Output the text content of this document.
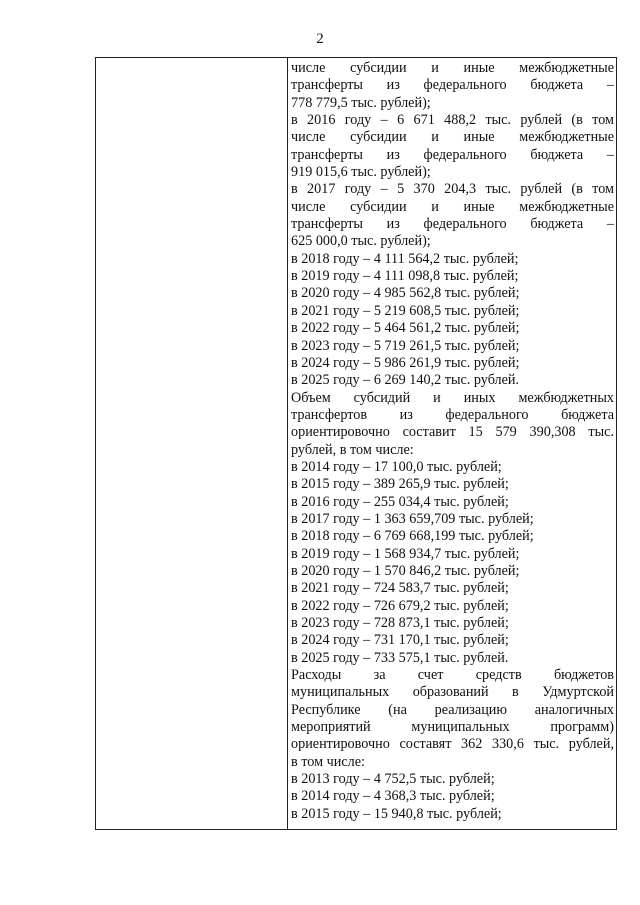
2
числе субсидии и иные межбюджетные
трансферты из федерального бюджета –
778 779,5 тыс. рублей);
в 2016 году – 6 671 488,2 тыс. рублей (в том
числе субсидии и иные межбюджетные
трансферты из федерального бюджета –
919 015,6 тыс. рублей);
в 2017 году – 5 370 204,3 тыс. рублей (в том
числе субсидии и иные межбюджетные
трансферты из федерального бюджета –
625 000,0 тыс. рублей);
в 2018 году – 4 111 564,2 тыс. рублей;
в 2019 году – 4 111 098,8 тыс. рублей;
в 2020 году – 4 985 562,8 тыс. рублей;
в 2021 году – 5 219 608,5 тыс. рублей;
в 2022 году – 5 464 561,2 тыс. рублей;
в 2023 году – 5 719 261,5 тыс. рублей;
в 2024 году – 5 986 261,9 тыс. рублей;
в 2025 году – 6 269 140,2 тыс. рублей.
Объем субсидий и иных межбюджетных
трансфертов из федерального бюджета
ориентировочно составит 15 579 390,308 тыс.
рублей, в том числе:
в 2014 году – 17 100,0 тыс. рублей;
в 2015 году – 389 265,9 тыс. рублей;
в 2016 году – 255 034,4 тыс. рублей;
в 2017 году – 1 363 659,709 тыс. рублей;
в 2018 году – 6 769 668,199 тыс. рублей;
в 2019 году – 1 568 934,7 тыс. рублей;
в 2020 году – 1 570 846,2 тыс. рублей;
в 2021 году – 724 583,7 тыс. рублей;
в 2022 году – 726 679,2 тыс. рублей;
в 2023 году – 728 873,1 тыс. рублей;
в 2024 году – 731 170,1 тыс. рублей;
в 2025 году – 733 575,1 тыс. рублей.
Расходы за счет средств бюджетов
муниципальных образований в Удмуртской
Республике (на реализацию аналогичных
мероприятий муниципальных программ)
ориентировочно составят 362 330,6 тыс. рублей,
в том числе:
в 2013 году – 4 752,5 тыс. рублей;
в 2014 году – 4 368,3 тыс. рублей;
в 2015 году – 15 940,8 тыс. рублей;
